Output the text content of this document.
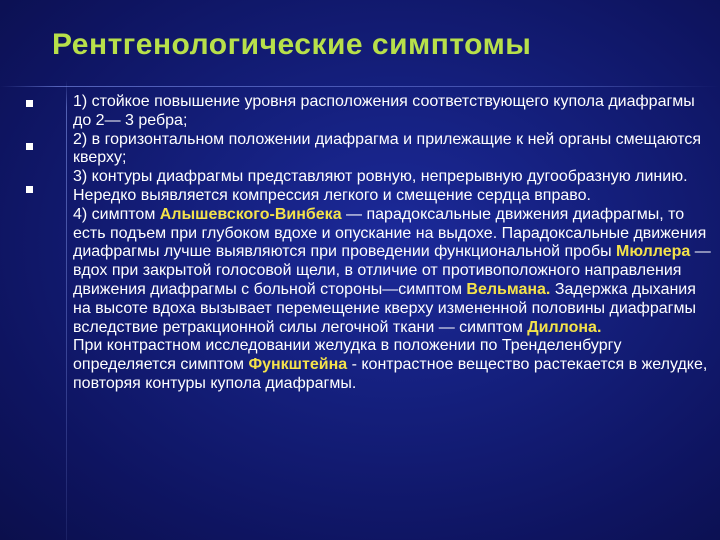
Рентгенологические симптомы

1) стойкое повышение уровня расположения соответствующего купола диафрагмы до 2— 3 ребра;

2) в горизонтальном положении диафрагма и прилежащие к ней органы смещаются кверху;

3) контуры диафрагмы представляют ровную, непрерывную дугообразную линию. Нередко выявляется компрессия легкого и смещение сердца вправо.

4) симптом Алышевского-Винбека — парадоксальные движения диафрагмы, то есть подъем при глубоком вдохе и опускание на выдохе. Парадоксальные движения диафрагмы лучше выявляются при проведении функциональной пробы Мюллера — вдох при закрытой голосовой щели, в отличие от противоположного направления движения диафрагмы с больной стороны—симптом Вельмана. Задержка дыхания на высоте вдоха вызывает перемещение кверху измененной половины диафрагмы вследствие ретракционной силы легочной ткани — симптом Диллона.

При контрастном исследовании желудка в положении по Тренделенбургу определяется симптом Функштейна - контрастное вещество растекается в желудке, повторяя контуры купола диафрагмы.
